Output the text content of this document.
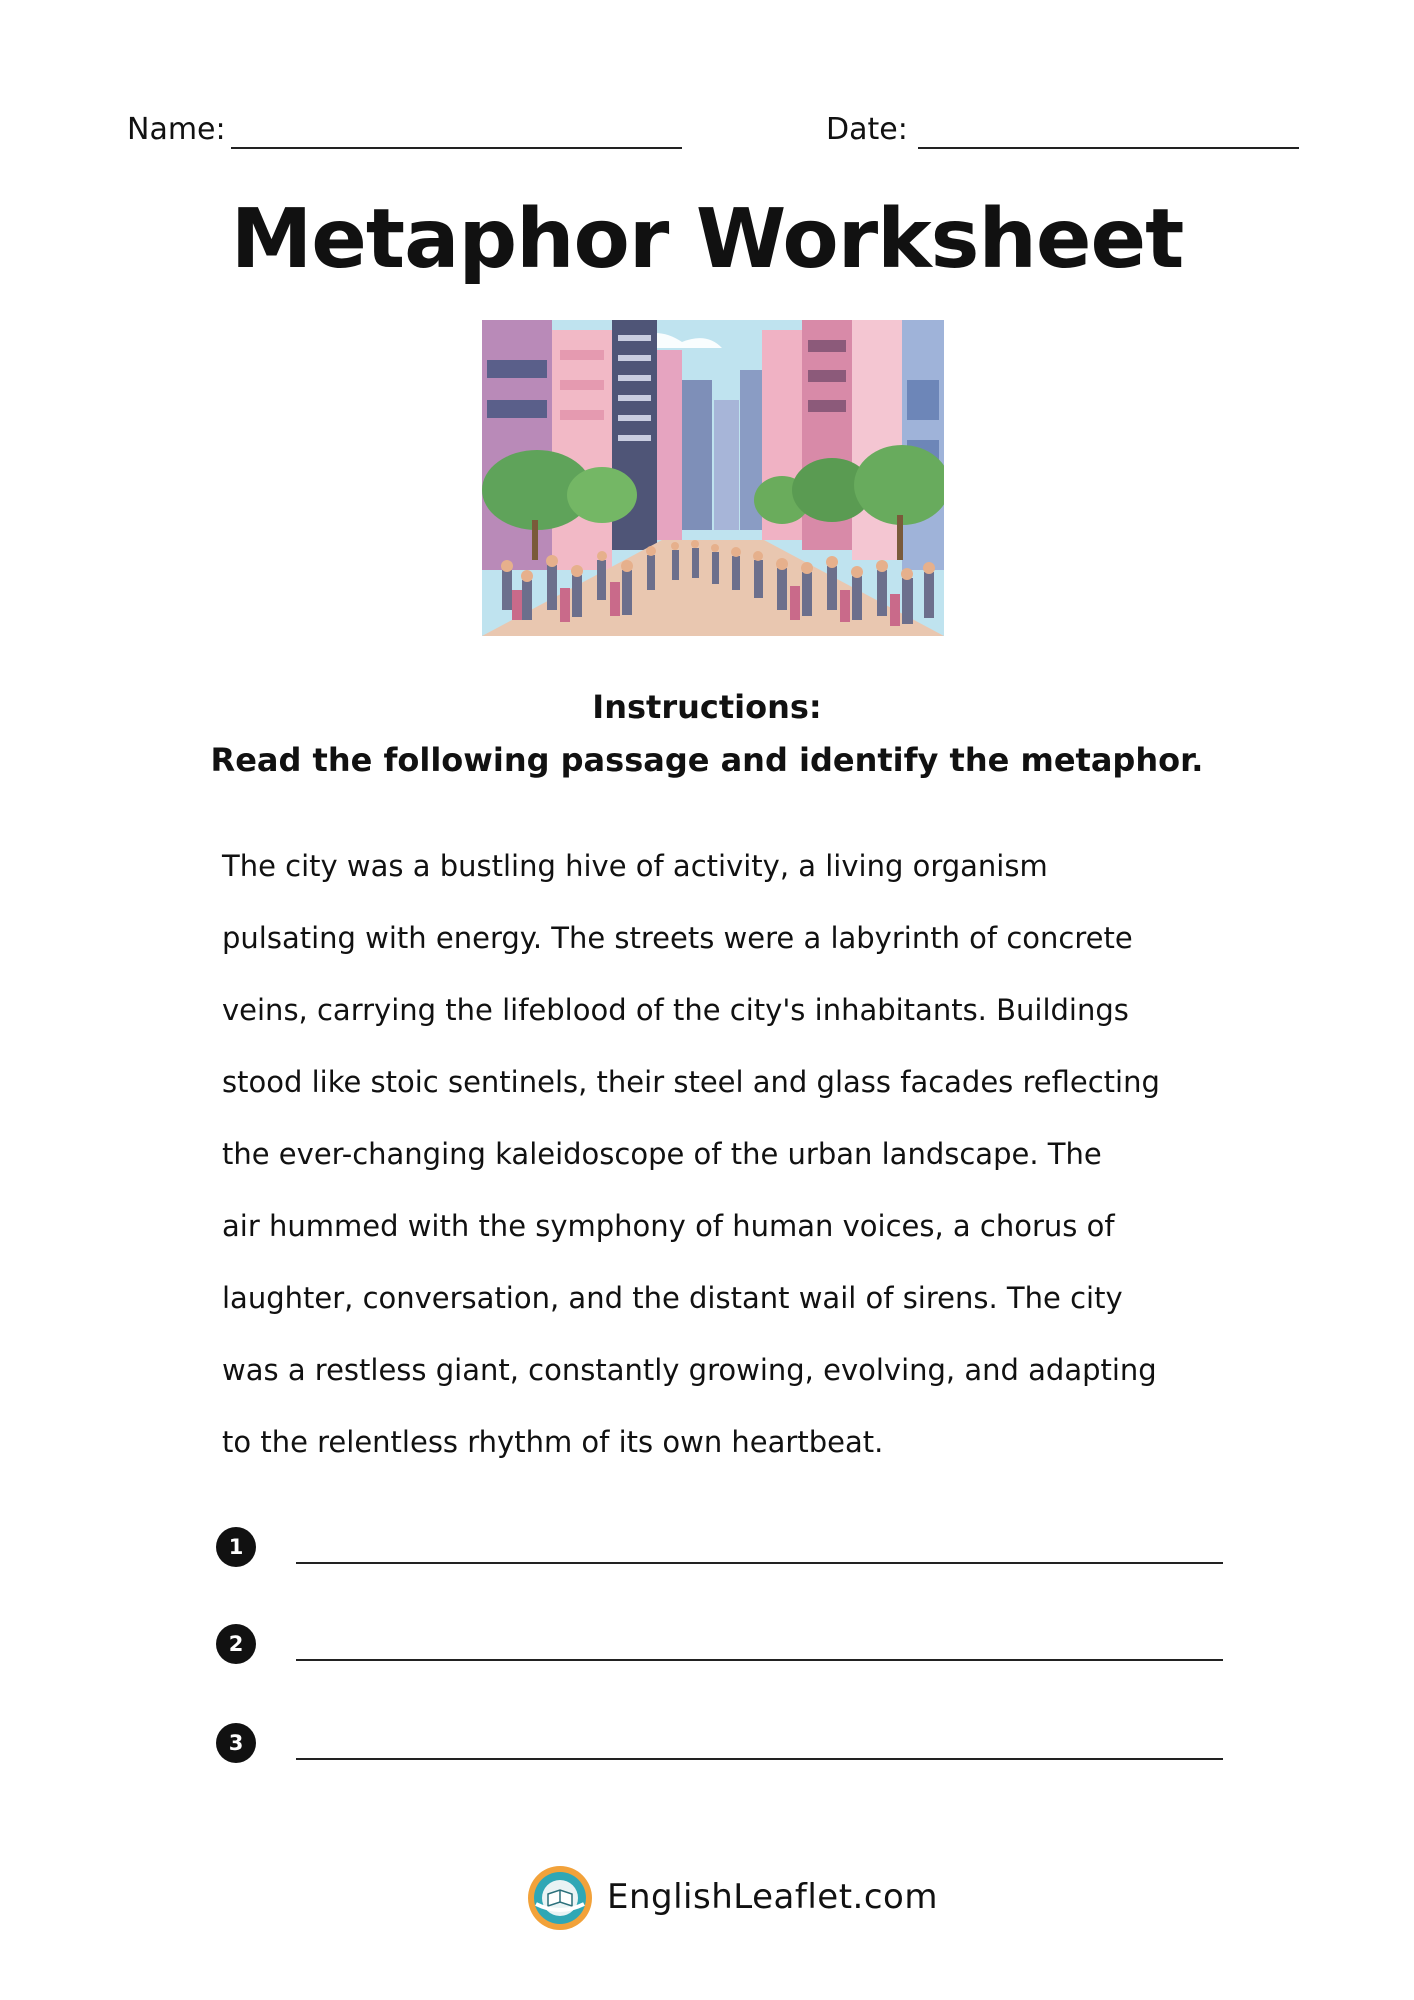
Name:	Date:
Metaphor Worksheet
Instructions:
Read the following passage and identify the metaphor.
The city was a bustling hive of activity, a living organism
pulsating with energy. The streets were a labyrinth of concrete
veins, carrying the lifeblood of the city's inhabitants. Buildings
stood like stoic sentinels, their steel and glass facades reflecting
the ever-changing kaleidoscope of the urban landscape. The
air hummed with the symphony of human voices, a chorus of
laughter, conversation, and the distant wail of sirens. The city
was a restless giant, constantly growing, evolving, and adapting
to the relentless rhythm of its own heartbeat.
1
2
3
EnglishLeaflet.com
